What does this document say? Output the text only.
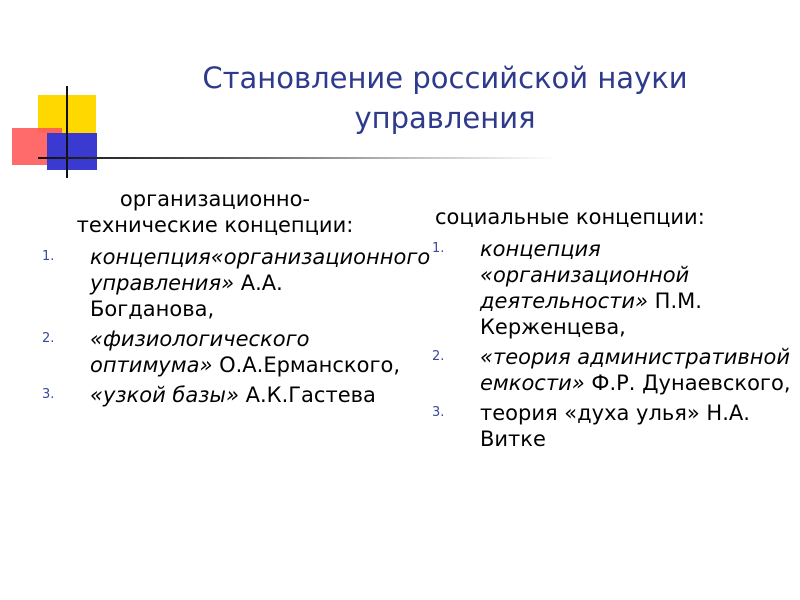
Становление российской науки управления
организационно-технические концепции:
1. концепция«организационного управления» А.А. Богданова,
2. «физиологического оптимума» О.А.Ерманского,
3. «узкой базы» А.К.Гастева
социальные концепции:
1. концепция «организационной деятельности» П.М. Керженцева,
2. «теория административной емкости» Ф.Р. Дунаевского,
3. теория «духа улья» Н.А. Витке
